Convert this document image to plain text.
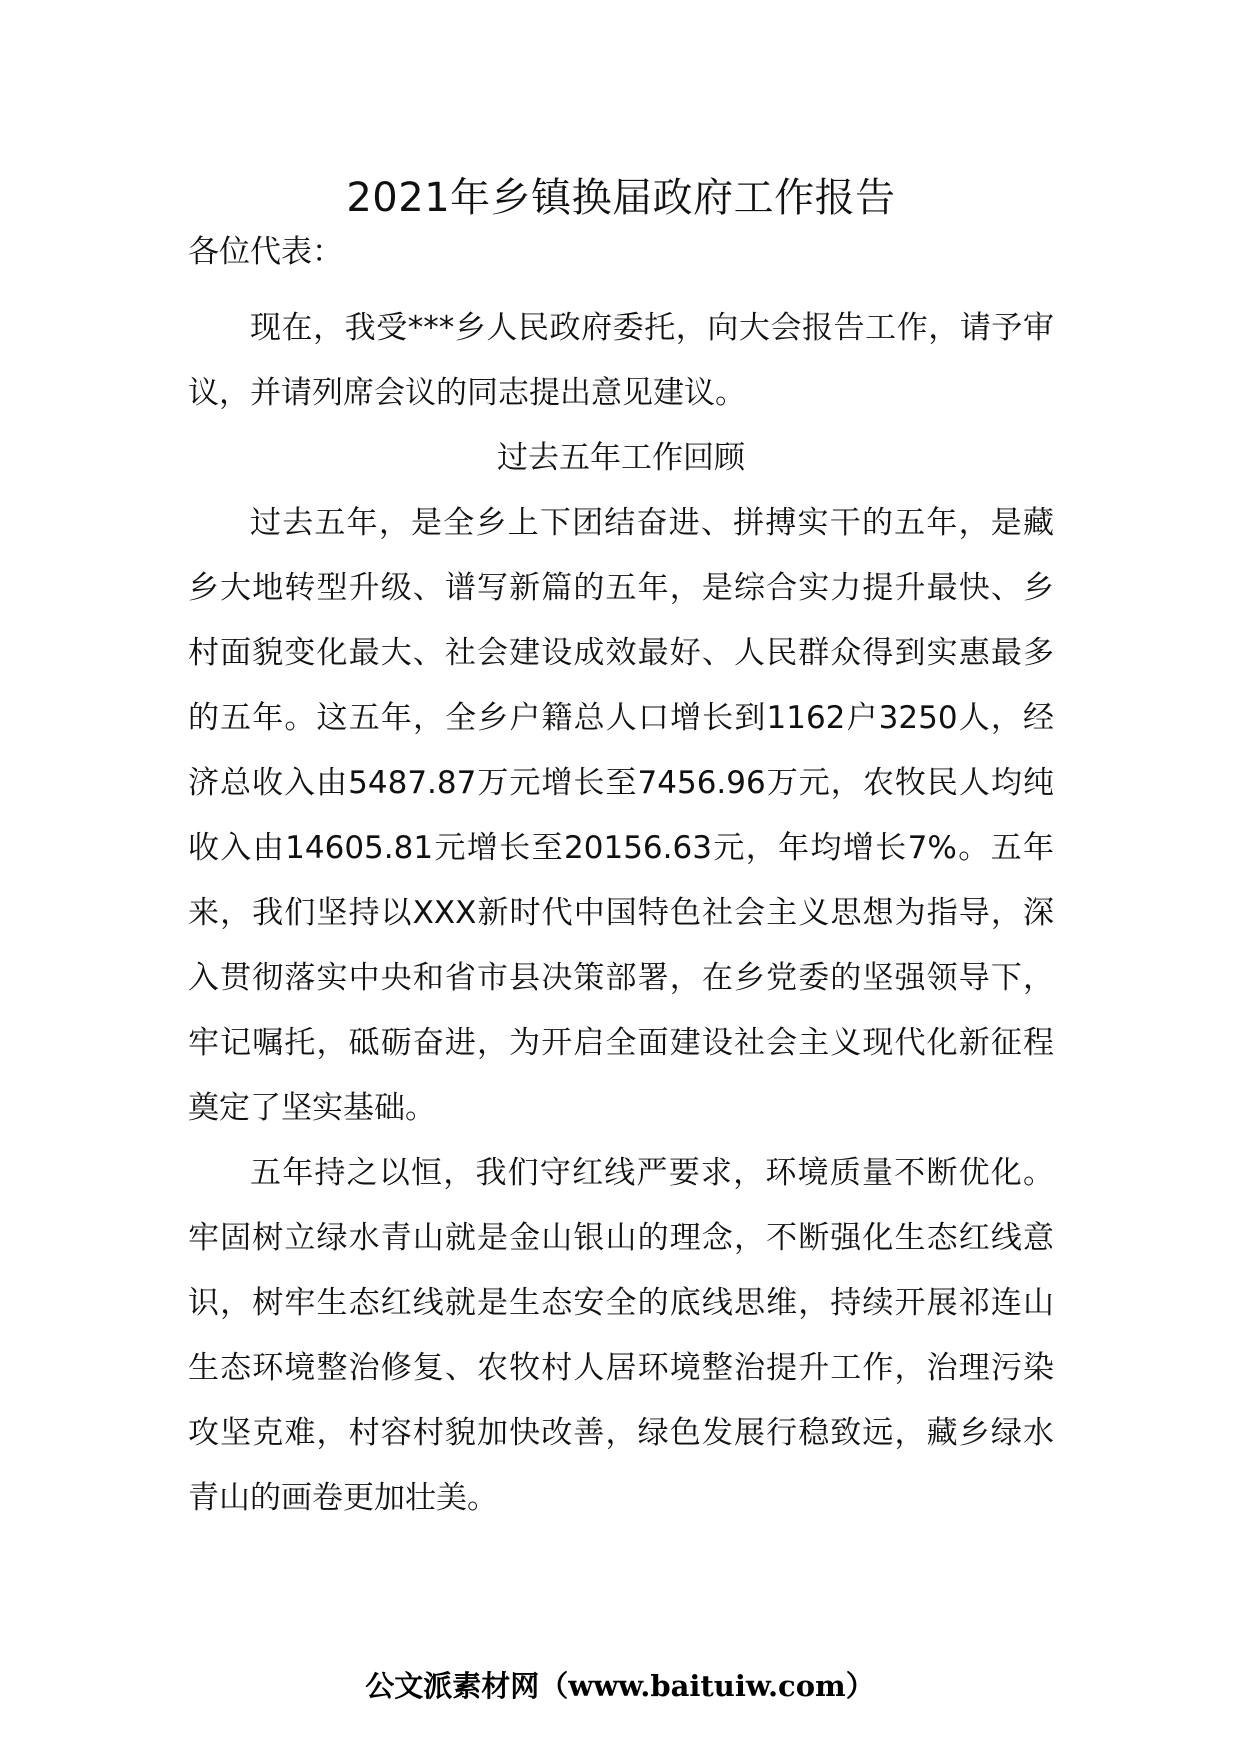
2021年乡镇换届政府工作报告
各位代表：

现在，我受***乡人民政府委托，向大会报告工作，请予审议，并请列席会议的同志提出意见建议。

过去五年工作回顾

过去五年，是全乡上下团结奋进、拼搏实干的五年，是藏乡大地转型升级、谱写新篇的五年，是综合实力提升最快、乡村面貌变化最大、社会建设成效最好、人民群众得到实惠最多的五年。这五年，全乡户籍总人口增长到1162户3250人，经济总收入由5487.87万元增长至7456.96万元，农牧民人均纯收入由14605.81元增长至20156.63元，年均增长7%。五年来，我们坚持以XXX新时代中国特色社会主义思想为指导，深入贯彻落实中央和省市县决策部署，在乡党委的坚强领导下，牢记嘱托，砥砺奋进，为开启全面建设社会主义现代化新征程奠定了坚实基础。

五年持之以恒，我们守红线严要求，环境质量不断优化。牢固树立绿水青山就是金山银山的理念，不断强化生态红线意识，树牢生态红线就是生态安全的底线思维，持续开展祁连山生态环境整治修复、农牧村人居环境整治提升工作，治理污染攻坚克难，村容村貌加快改善，绿色发展行稳致远，藏乡绿水青山的画卷更加壮美。

公文派素材网（www.baituiw.com）
